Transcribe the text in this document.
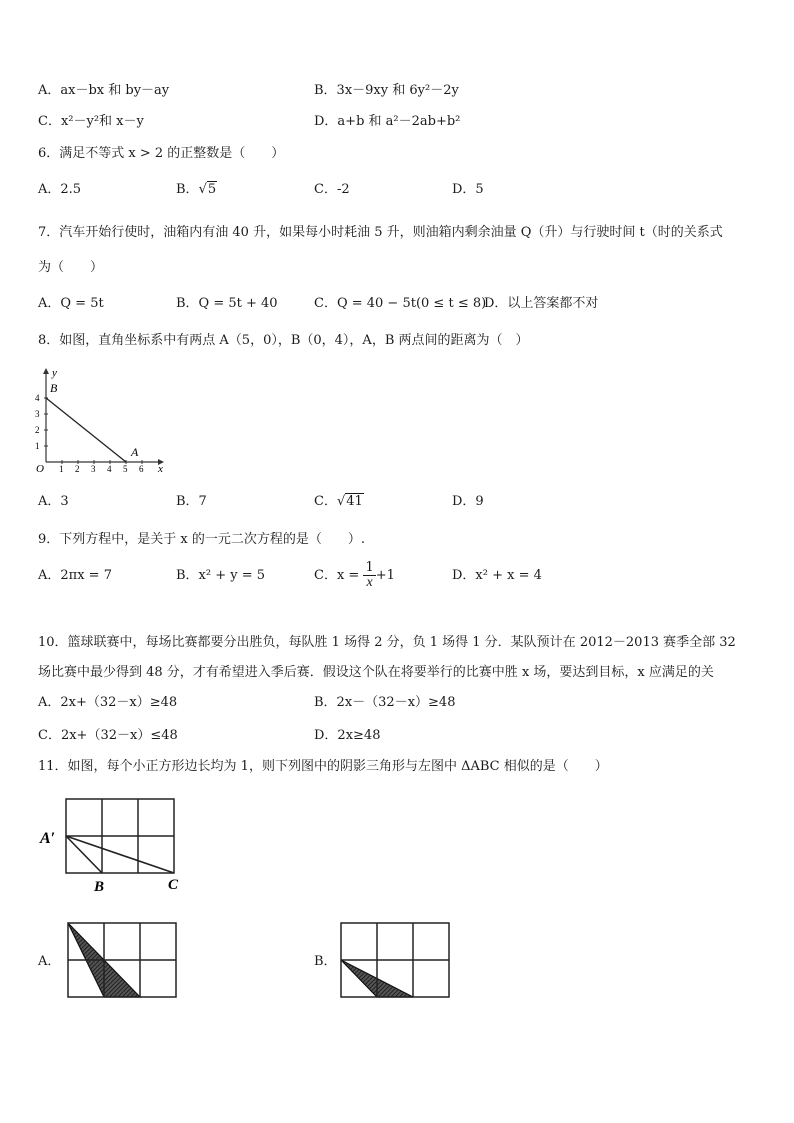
A．ax－bx 和 by－ay	B．3x－9xy 和 6y²－2y
C．x²－y²和 x－y	D．a+b 和 a²－2ab+b²
6．满足不等式 x > 2 的正整数是（　　）
A．2.5	B．√5	C．-2	D．5
7．汽车开始行使时，油箱内有油 40 升，如果每小时耗油 5 升，则油箱内剩余油量 Q（升）与行驶时间 t（时的关系式
为（　　）
A．Q = 5t	B．Q = 5t + 40	C．Q = 40 − 5t(0 ≤ t ≤ 8)
D．以上答案都不对
8．如图，直角坐标系中有两点 A（5，0），B（0，4），A，B 两点间的距离为（　）
y
x
O 1 2 3 4 5 6
1
2
3
4
B
A
A．3	B．7	C．√41	D．9
9．下列方程中，是关于 x 的一元二次方程的是（　　）.
A．2πx = 7	B．x² + y = 5	C．$x = \frac{1}{x} +1$	D．x² + x = 4
10．篮球联赛中，每场比赛都要分出胜负，每队胜 1 场得 2 分，负 1 场得 1 分．某队预计在 2012－2013 赛季全部 32
场比赛中最少得到 48 分，才有希望进入季后赛．假设这个队在将要举行的比赛中胜 x 场，要达到目标，x 应满足的关
A．2x+（32－x）≥48	B．2x－（32－x）≥48
C．2x+（32－x）≤48	D．2x≥48
11．如图，每个小正方形边长均为 1，则下列图中的阴影三角形与左图中 ΔABC 相似的是（　　）
A′
B	C
A．	B．
